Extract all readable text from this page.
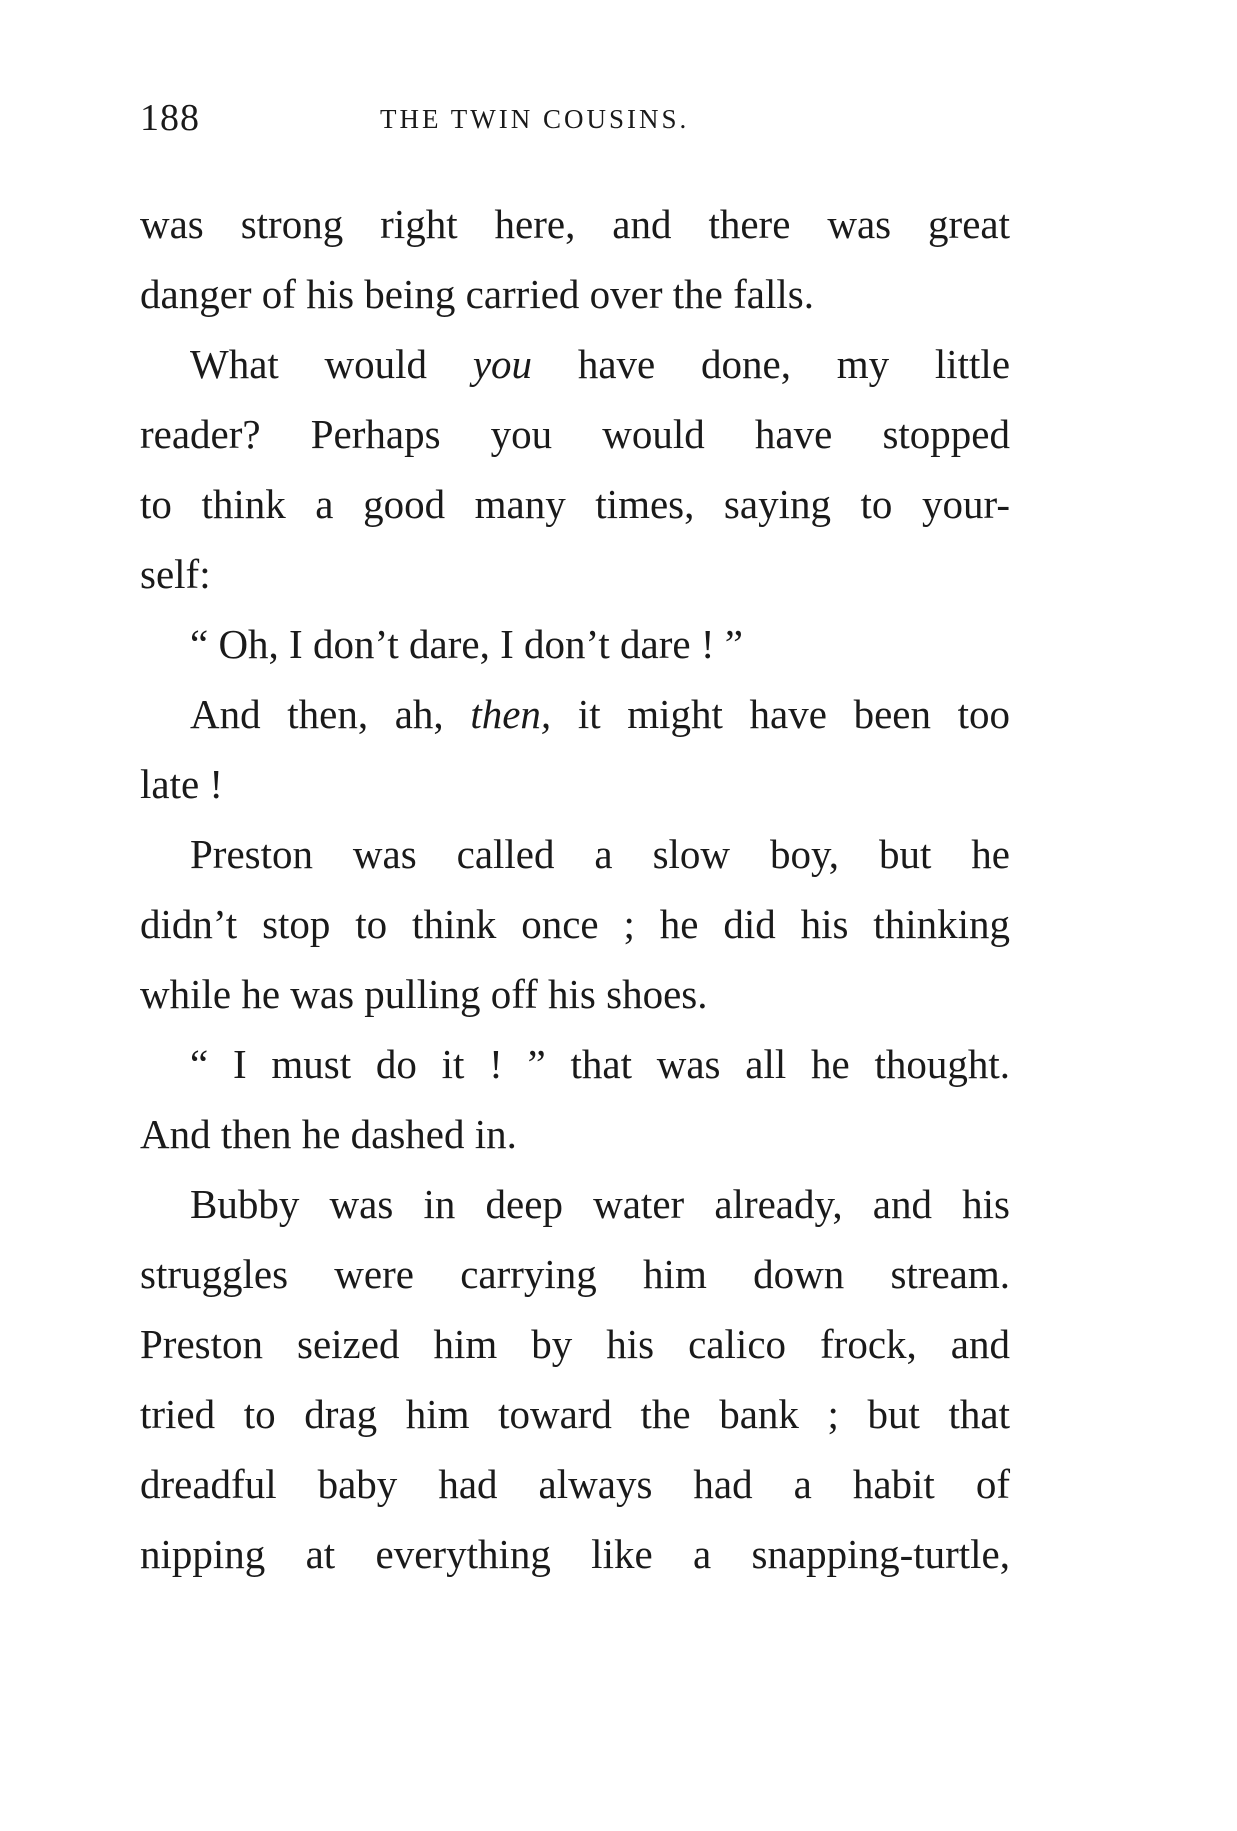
188	THE TWIN COUSINS.
was strong right here, and there was great
danger of his being carried over the falls.
What would you have done, my little
reader? Perhaps you would have stopped
to think a good many times, saying to your-
self:
“ Oh, I don’t dare, I don’t dare ! ”
And then, ah, then, it might have been too
late !
Preston was called a slow boy, but he
didn’t stop to think once ; he did his thinking
while he was pulling off his shoes.
“ I must do it ! ” that was all he thought.
And then he dashed in.
Bubby was in deep water already, and his
struggles were carrying him down stream.
Preston seized him by his calico frock, and
tried to drag him toward the bank ; but that
dreadful baby had always had a habit of
nipping at everything like a snapping-turtle,
